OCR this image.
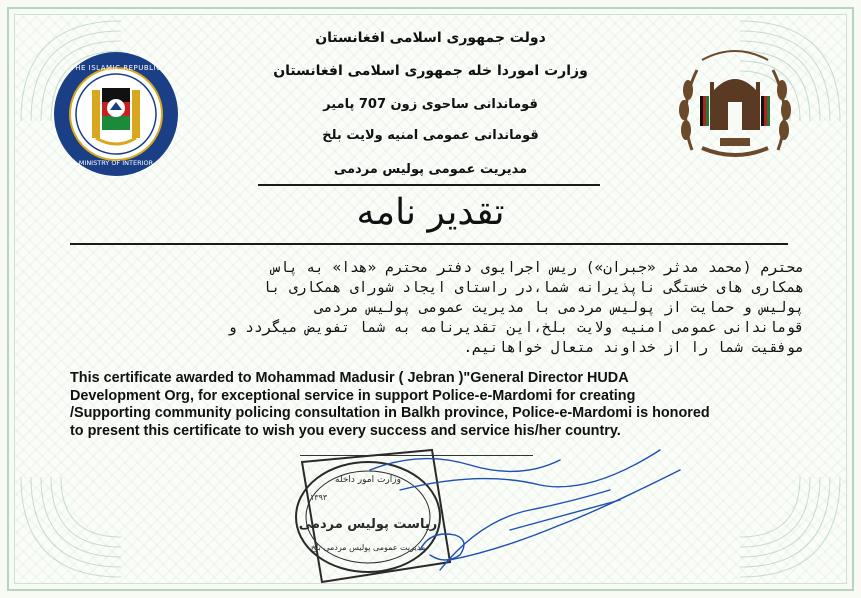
THE ISLAMIC REPUBLIC
MINISTRY OF INTERIOR
دولت جمهوری اسلامی افغانستان
وزارت اموردا خله جمهوری اسلامی افغانستان
قوماندانی ساحوی زون 707 پامیر
قوماندانی عمومی امنیه ولایت بلخ
مدیریت عمومی پولیس مردمی
تقدیر نامه
محترم (محمد مدثر «جبران») ریس اجرایوی دفتر محترم «هدا» به پاس
همکاری های خستگی ناپذیرانه شما،در راستای ایجاد شورای همکاری با
پولیس و حمایت از پولیس مردمی با مدیریت عمومی پولیس مردمی
قوماندانی عمومی امنیه ولایت بلخ،این تقدیرنامه به شما تفویض میگردد و
موفقیت شما را از خداوند متعال خواهانیم.
This certificate awarded to Mohammad Madusir ( Jebran )"General Director HUDA
Development Org, for exceptional service in support Police-e-Mardomi for creating
/Supporting community policing consultation in Balkh province, Police-e-Mardomi is honored
to present this certificate to wish you every success and service his/her country.
وزارت امور داخله
ریاست پولیس مردمی
مدیریت عمومی پولیس مردمی بلخ
۱۳۹۳
